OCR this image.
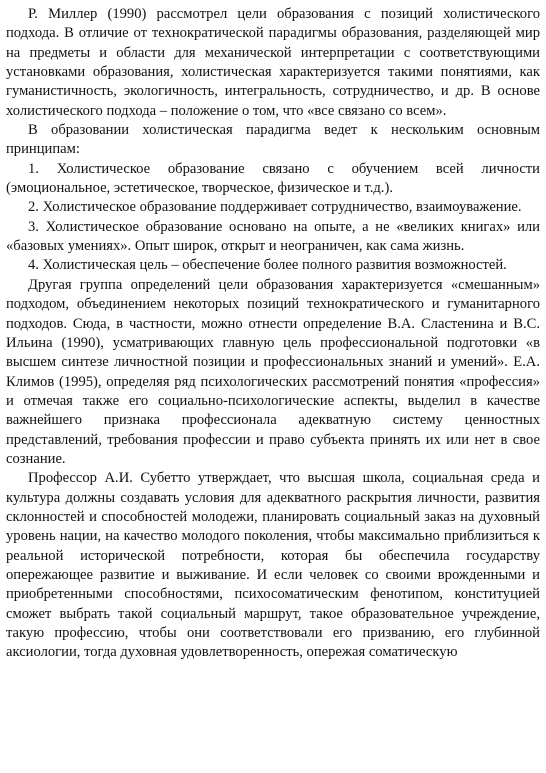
Р. Миллер (1990) рассмотрел цели образования с позиций холистического подхода. В отличие от технократической парадигмы образования, разделяющей мир на предметы и области для механической интерпретации с соответствующими установками образования, холистическая характеризуется такими понятиями, как гуманистичность, экологичность, интегральность, сотрудничество, и др. В основе холистического подхода – положение о том, что «все связано со всем».

В образовании холистическая парадигма ведет к нескольким основным принципам:

1. Холистическое образование связано с обучением всей личности (эмоциональное, эстетическое, творческое, физическое и т.д.).

2. Холистическое образование поддерживает сотрудничество, взаимоуважение.

3. Холистическое образование основано на опыте, а не «великих книгах» или «базовых умениях». Опыт широк, открыт и неограничен, как сама жизнь.

4. Холистическая цель – обеспечение более полного развития возможностей.

Другая группа определений цели образования характеризуется «смешанным» подходом, объединением некоторых позиций технократического и гуманитарного подходов. Сюда, в частности, можно отнести определение В.А. Сластенина и В.С. Ильина (1990), усматривающих главную цель профессиональной подготовки «в высшем синтезе личностной позиции и профессиональных знаний и умений». Е.А. Климов (1995), определяя ряд психологических рассмотрений понятия «профессия» и отмечая также его социально-психологические аспекты, выделил в качестве важнейшего признака профессионала адекватную систему ценностных представлений, требования профессии и право субъекта принять их или нет в свое сознание.

Профессор А.И. Субетто утверждает, что высшая школа, социальная среда и культура должны создавать условия для адекватного раскрытия личности, развития склонностей и способностей молодежи, планировать социальный заказ на духовный уровень нации, на качество молодого поколения, чтобы максимально приблизиться к реальной исторической потребности, которая бы обеспечила государству опережающее развитие и выживание. И если человек со своими врожденными и приобретенными способностями, психосоматическим фенотипом, конституцией сможет выбрать такой социальный маршрут, такое образовательное учреждение, такую профессию, чтобы они соответствовали его призванию, его глубинной аксиологии, тогда духовная удовлетворенность, опережая соматическую
